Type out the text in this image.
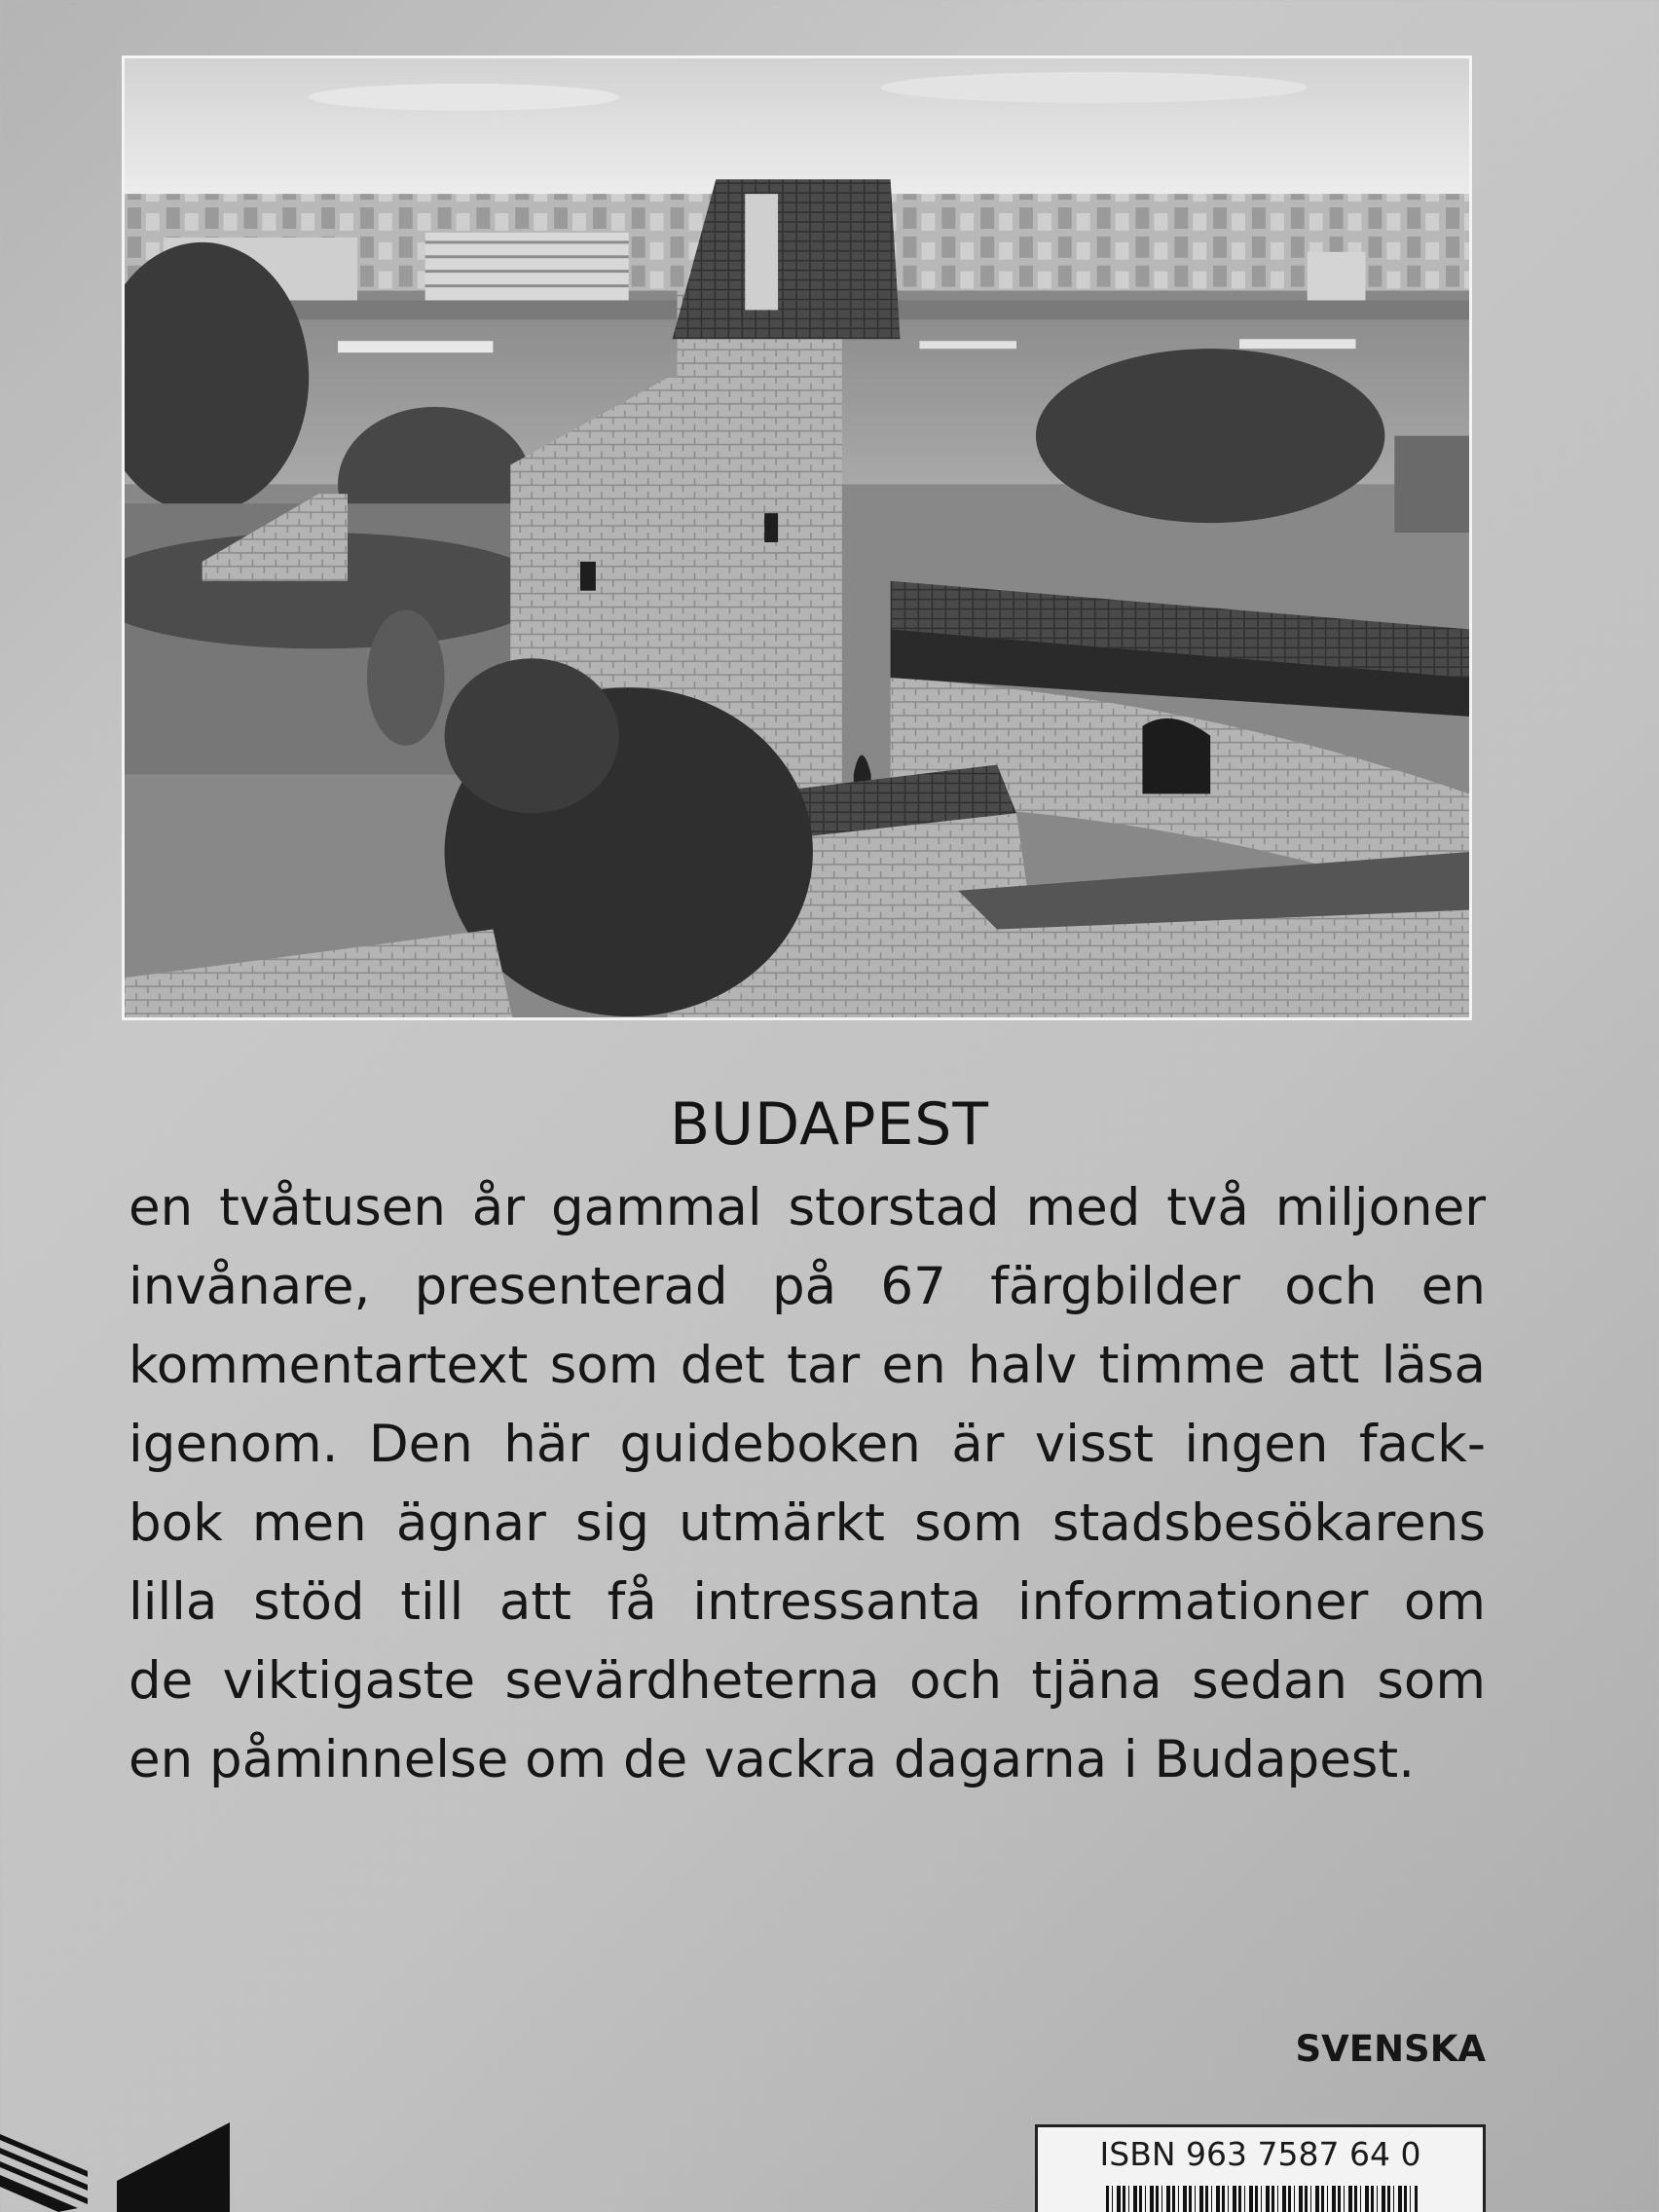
BUDAPEST
en tvåtusen år gammal storstad med två miljoner
invånare, presenterad på 67 färgbilder och en
kommentartext som det tar en halv timme att läsa
igenom. Den här guideboken är visst ingen fack-
bok men ägnar sig utmärkt som stadsbesökarens
lilla stöd till att få intressanta informationer om
de viktigaste sevärdheterna och tjäna sedan som
en påminnelse om de vackra dagarna i Budapest.
SVENSKA
ISBN 963 7587 64 0
